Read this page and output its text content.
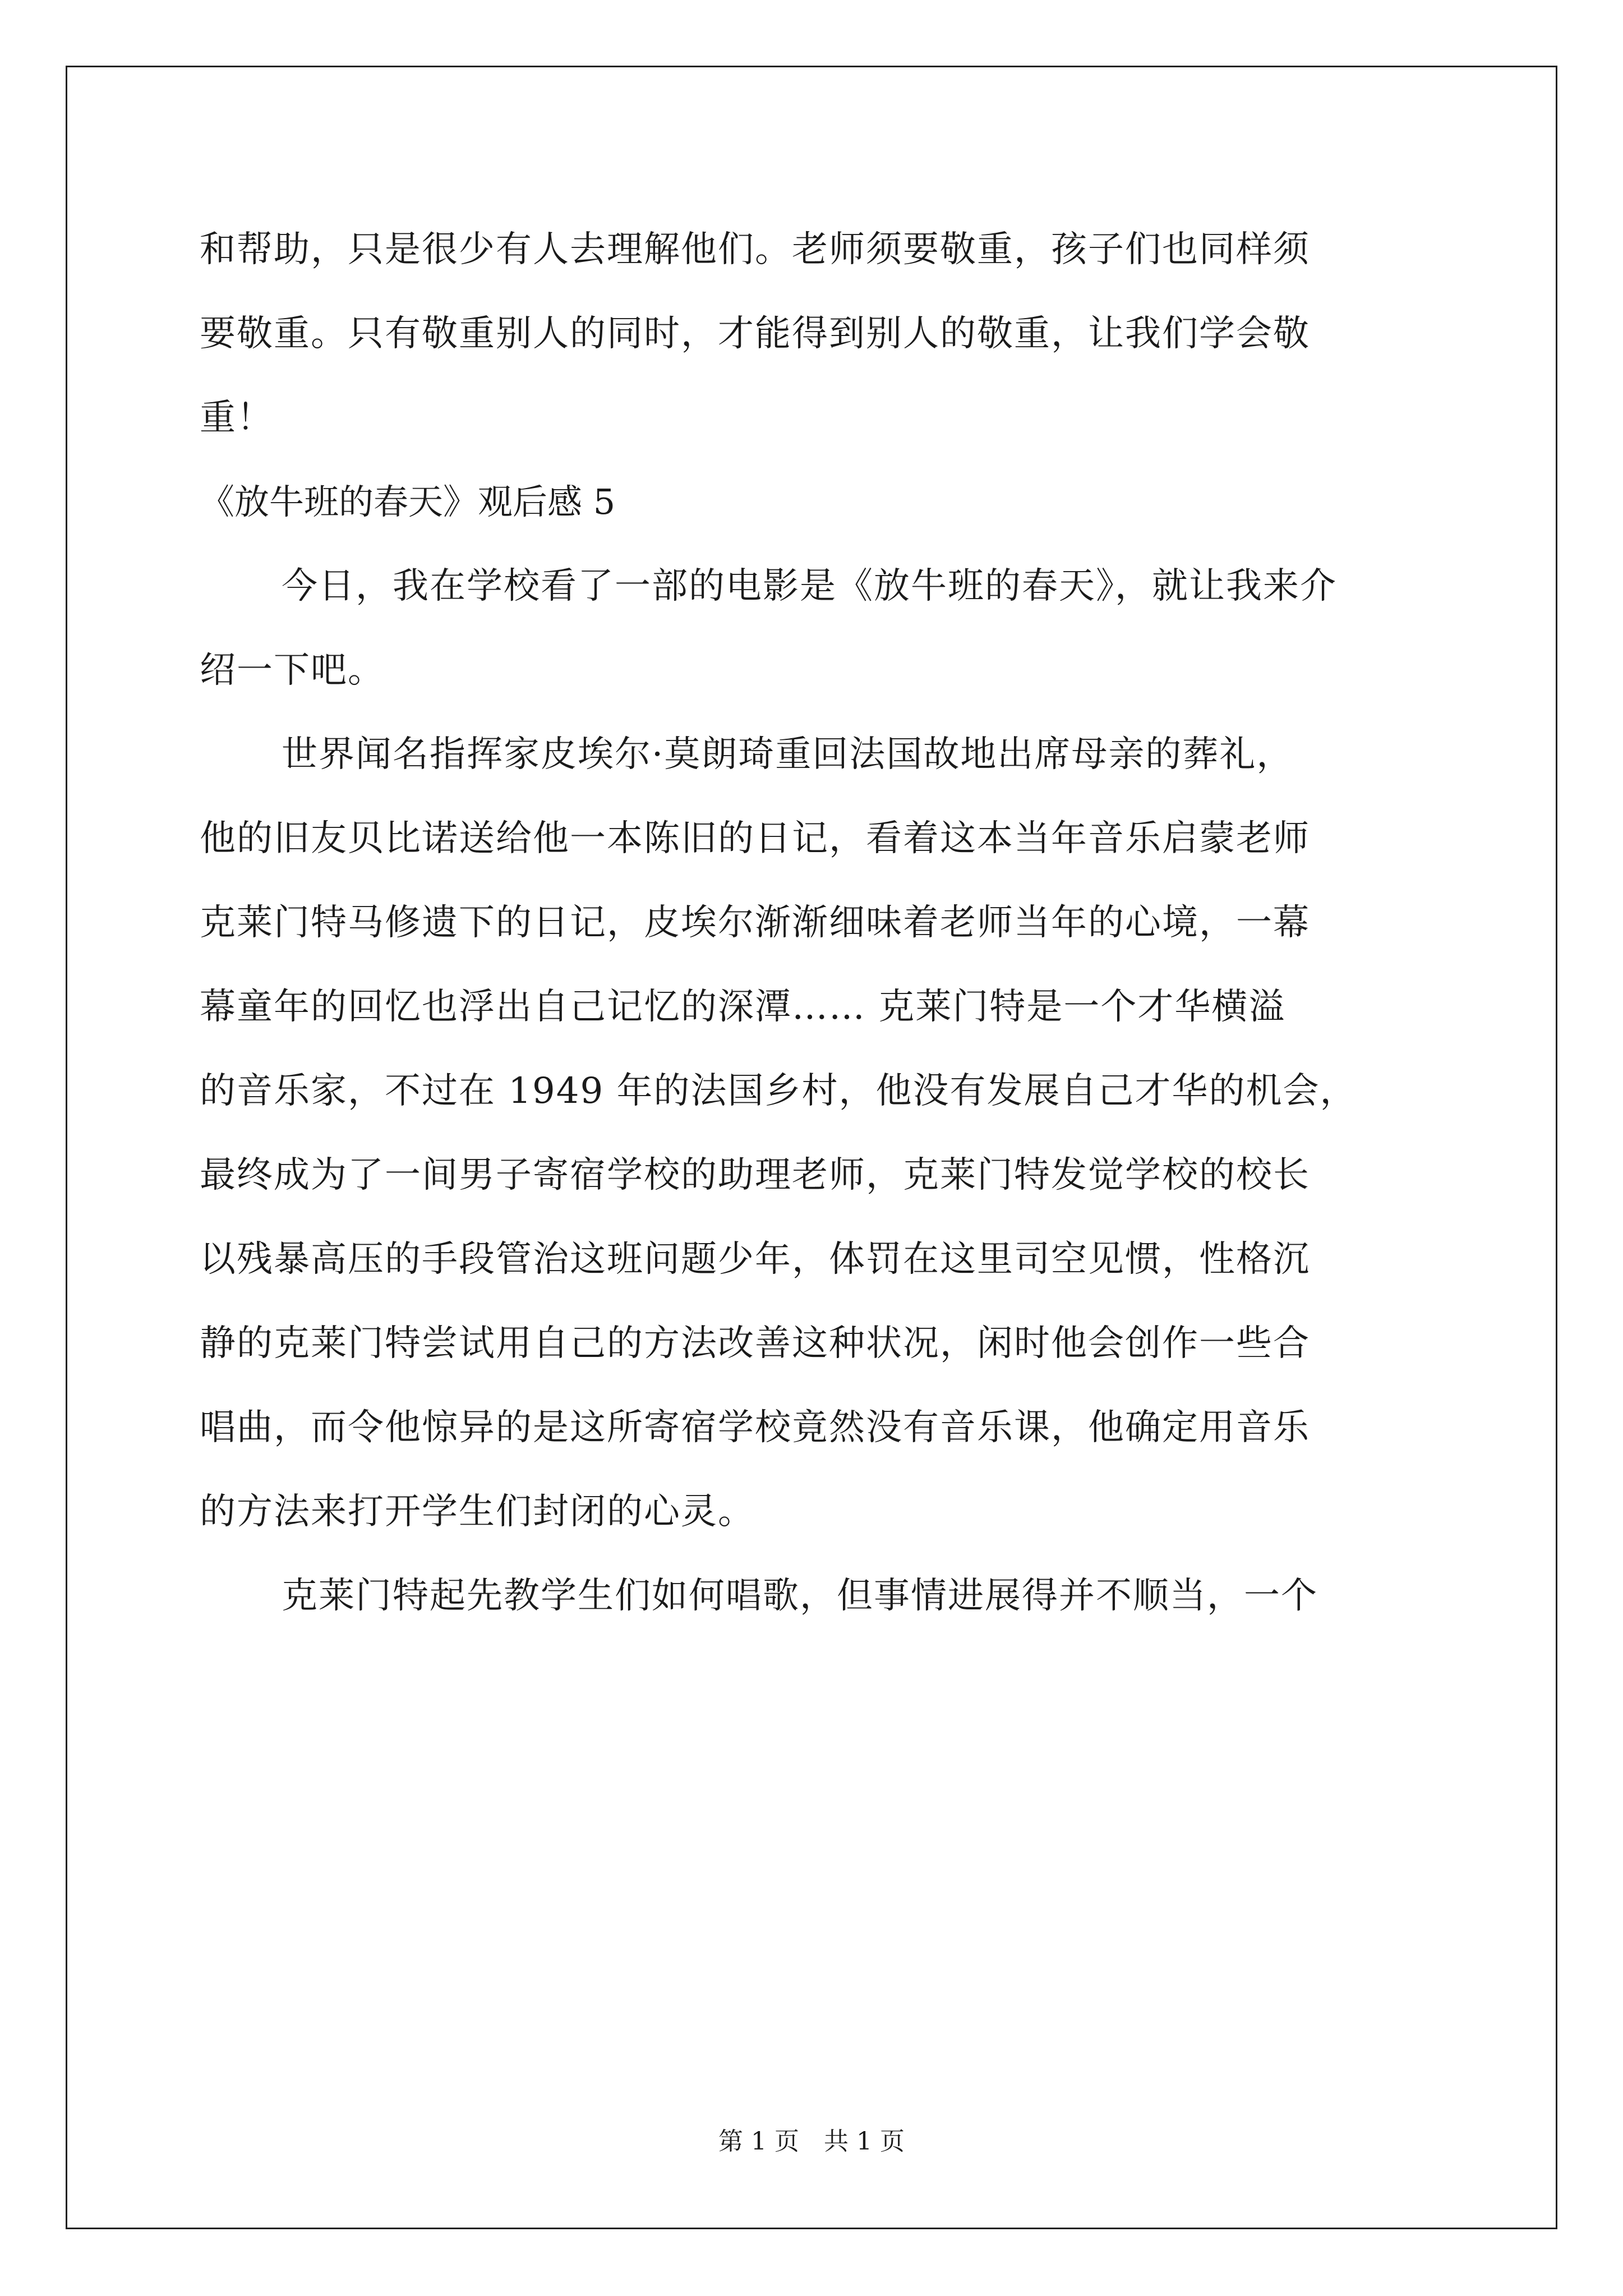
和帮助，只是很少有人去理解他们。老师须要敬重，孩子们也同样须
要敬重。只有敬重别人的同时，才能得到别人的敬重，让我们学会敬
重！
《放牛班的春天》观后感 5
今日，我在学校看了一部的电影是《放牛班的春天》，就让我来介
绍一下吧。
世界闻名指挥家皮埃尔·莫朗琦重回法国故地出席母亲的葬礼，
他的旧友贝比诺送给他一本陈旧的日记，看着这本当年音乐启蒙老师
克莱门特马修遗下的日记，皮埃尔渐渐细味着老师当年的心境，一幕
幕童年的回忆也浮出自己记忆的深潭…… 克莱门特是一个才华横溢
的音乐家，不过在 1949 年的法国乡村，他没有发展自己才华的机会，
最终成为了一间男子寄宿学校的助理老师，克莱门特发觉学校的校长
以残暴高压的手段管治这班问题少年，体罚在这里司空见惯，性格沉
静的克莱门特尝试用自己的方法改善这种状况，闲时他会创作一些合
唱曲，而令他惊异的是这所寄宿学校竟然没有音乐课，他确定用音乐
的方法来打开学生们封闭的心灵。
克莱门特起先教学生们如何唱歌，但事情进展得并不顺当，一个
第 1 页　共 1 页
